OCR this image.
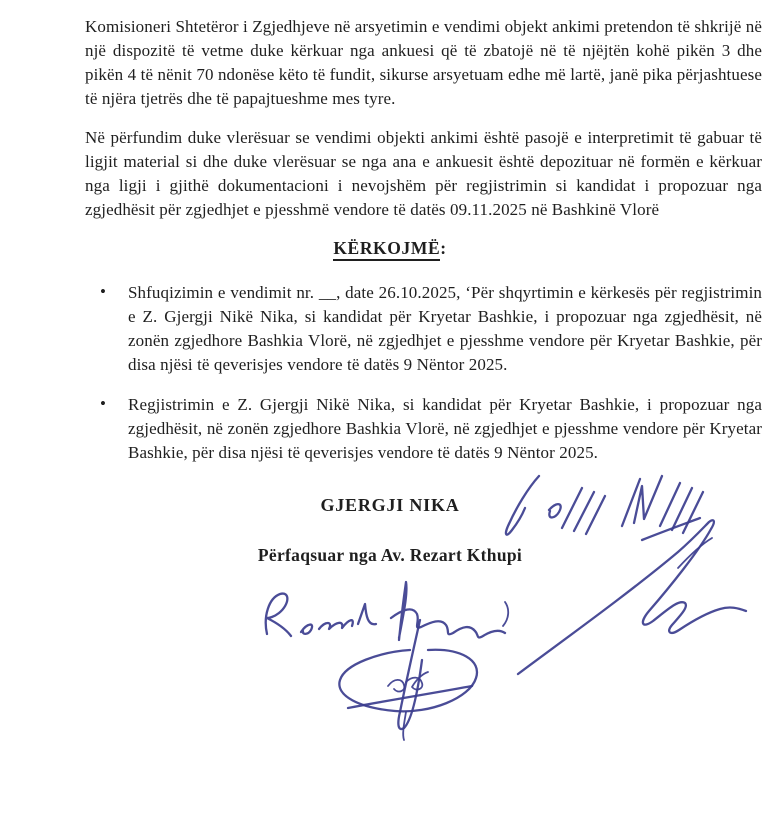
Komisioneri Shtetëror i Zgjedhjeve në arsyetimin e vendimi objekt ankimi pretendon të shkrijë në një dispozitë të vetme duke kërkuar nga ankuesi që të zbatojë në të njëjtën kohë pikën 3 dhe pikën 4 të nënit 70 ndonëse këto të fundit, sikurse arsyetuam edhe më lartë, janë pika përjashtuese të njëra tjetrës dhe të papajtueshme mes tyre.

Në përfundim duke vlerësuar se vendimi objekti ankimi është pasojë e interpretimit të gabuar të ligjit material si dhe duke vlerësuar se nga ana e ankuesit është depozituar në formën e kërkuar nga ligji i gjithë dokumentacioni i nevojshëm për regjistrimin si kandidat i propozuar nga zgjedhësit për zgjedhjet e pjesshmë vendore të datës 09.11.2025 në Bashkinë Vlorë

KËRKOJMË:
• Shfuqizimin e vendimit nr. __, date 26.10.2025, ‘Për shqyrtimin e kërkesës për regjistrimin e Z. Gjergji Nikë Nika, si kandidat për Kryetar Bashkie, i propozuar nga zgjedhësit, në zonën zgjedhore Bashkia Vlorë, në zgjedhjet e pjesshme vendore për Kryetar Bashkie, për disa njësi të qeverisjes vendore të datës 9 Nëntor 2025.
• Regjistrimin e Z. Gjergji Nikë Nika, si kandidat për Kryetar Bashkie, i propozuar nga zgjedhësit, në zonën zgjedhore Bashkia Vlorë, në zgjedhjet e pjesshme vendore për Kryetar Bashkie, për disa njësi të qeverisjes vendore të datës 9 Nëntor 2025.
GJERGJI NIKA
Përfaqsuar nga Av. Rezart Kthupi
